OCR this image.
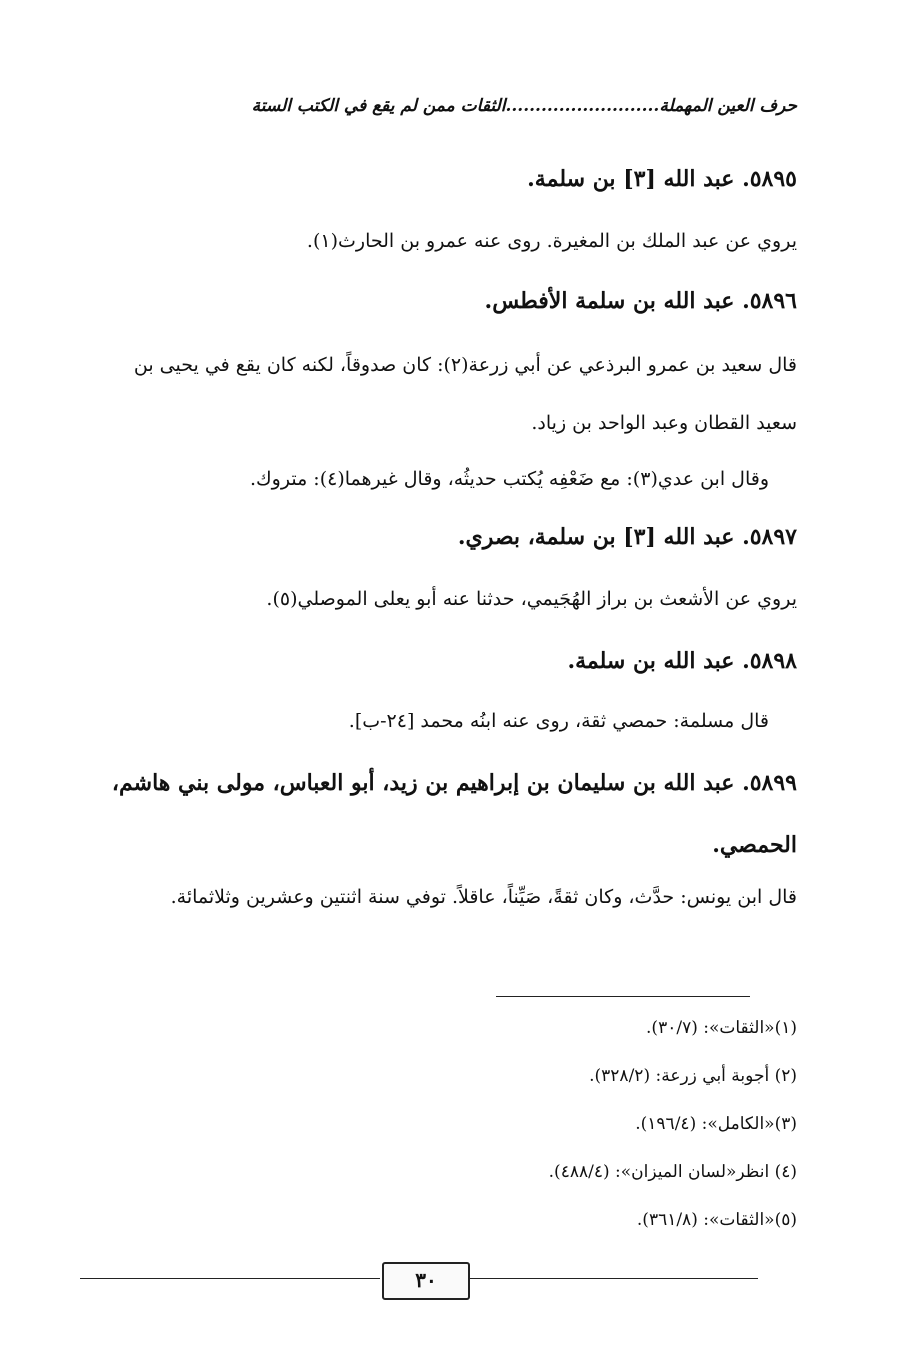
حرف العين المهملة..........................الثقات ممن لم يقع في الكتب الستة
٥٨٩٥. عبد الله [٣] بن سلمة.
يروي عن عبد الملك بن المغيرة. روى عنه عمرو بن الحارث(١).
٥٨٩٦. عبد الله بن سلمة الأفطس.
قال سعيد بن عمرو البرذعي عن أبي زرعة(٢): كان صدوقاً، لكنه كان يقع في يحيى بن سعيد القطان وعبد الواحد بن زياد.
وقال ابن عدي(٣): مع ضَعْفِه يُكتب حديثُه، وقال غيرهما(٤): متروك.
٥٨٩٧. عبد الله [٣] بن سلمة، بصري.
يروي عن الأشعث بن براز الهُجَيمي، حدثنا عنه أبو يعلى الموصلي(٥).
٥٨٩٨. عبد الله بن سلمة.
قال مسلمة: حمصي ثقة، روى عنه ابنُه محمد [٢٤-ب].
٥٨٩٩. عبد الله بن سليمان بن إبراهيم بن زيد، أبو العباس، مولى بني هاشم، الحمصي.
قال ابن يونس: حدَّث، وكان ثقةً، صَيِّناً، عاقلاً. توفي سنة اثنتين وعشرين وثلاثمائة.
(١)«الثقات»: (٣٠/٧).
(٢) أجوبة أبي زرعة: (٣٢٨/٢).
(٣)«الكامل»: (١٩٦/٤).
(٤) انظر«لسان الميزان»: (٤٨٨/٤).
(٥)«الثقات»: (٣٦١/٨).
٣٠
